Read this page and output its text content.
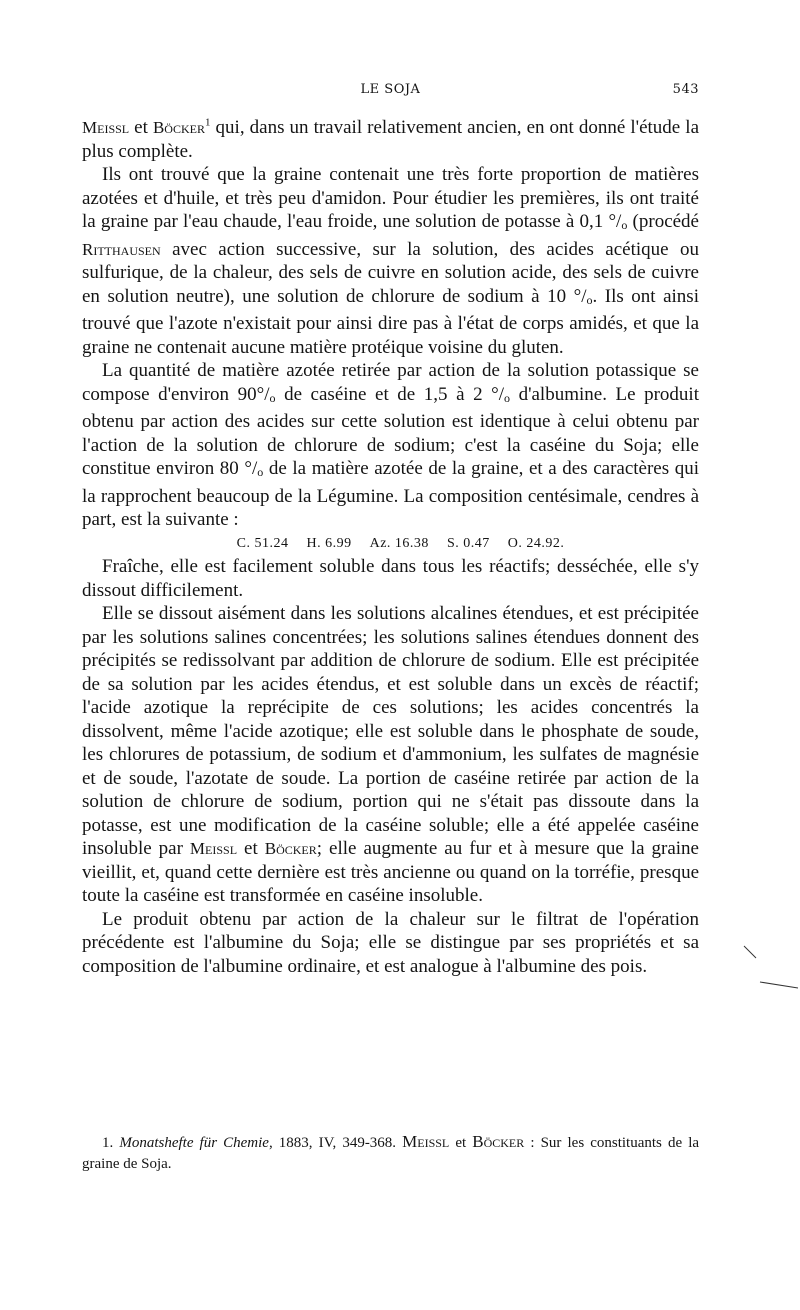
LE SOJA	543

Meissl et Böcker$^1$ qui, dans un travail relativement ancien, en ont donné l'étude la plus complète.

Ils ont trouvé que la graine contenait une très forte proportion de matières azotées et d'huile, et très peu d'amidon. Pour étudier les premières, ils ont traité la graine par l'eau chaude, l'eau froide, une solution de potasse à 0,1 °/o (procédé Ritthausen avec action successive, sur la solution, des acides acétique ou sulfurique, de la chaleur, des sels de cuivre en solution acide, des sels de cuivre en solution neutre), une solution de chlorure de sodium à 10 °/o. Ils ont ainsi trouvé que l'azote n'existait pour ainsi dire pas à l'état de corps amidés, et que la graine ne contenait aucune matière protéique voisine du gluten.

La quantité de matière azotée retirée par action de la solution potassique se compose d'environ 90°/o de caséine et de 1,5 à 2 °/o d'albumine. Le produit obtenu par action des acides sur cette solution est identique à celui obtenu par l'action de la solution de chlorure de sodium; c'est la caséine du Soja; elle constitue environ 80 °/o de la matière azotée de la graine, et a des caractères qui la rapprochent beaucoup de la Légumine. La composition centésimale, cendres à part, est la suivante :

C. 51.24 H. 6.99 Az. 16.38 S. 0.47 O. 24.92.

Fraîche, elle est facilement soluble dans tous les réactifs; desséchée, elle s'y dissout difficilement.

Elle se dissout aisément dans les solutions alcalines étendues, et est précipitée par les solutions salines concentrées; les solutions salines étendues donnent des précipités se redissolvant par addition de chlorure de sodium. Elle est précipitée de sa solution par les acides étendus, et est soluble dans un excès de réactif; l'acide azotique la reprécipite de ces solutions; les acides concentrés la dissolvent, même l'acide azotique; elle est soluble dans le phosphate de soude, les chlorures de potassium, de sodium et d'ammonium, les sulfates de magnésie et de soude, l'azotate de soude. La portion de caséine retirée par action de la solution de chlorure de sodium, portion qui ne s'était pas dissoute dans la potasse, est une modification de la caséine soluble; elle a été appelée caséine insoluble par Meissl et Böcker; elle augmente au fur et à mesure que la graine vieillit, et, quand cette dernière est très ancienne ou quand on la torréfie, presque toute la caséine est transformée en caséine insoluble.

Le produit obtenu par action de la chaleur sur le filtrat de l'opération précédente est l'albumine du Soja; elle se distingue par ses propriétés et sa composition de l'albumine ordinaire, et est analogue à l'albumine des pois.

1. Monatshefte für Chemie, 1883, IV, 349-368. Meissl et Böcker : Sur les constituants de la graine de Soja.
